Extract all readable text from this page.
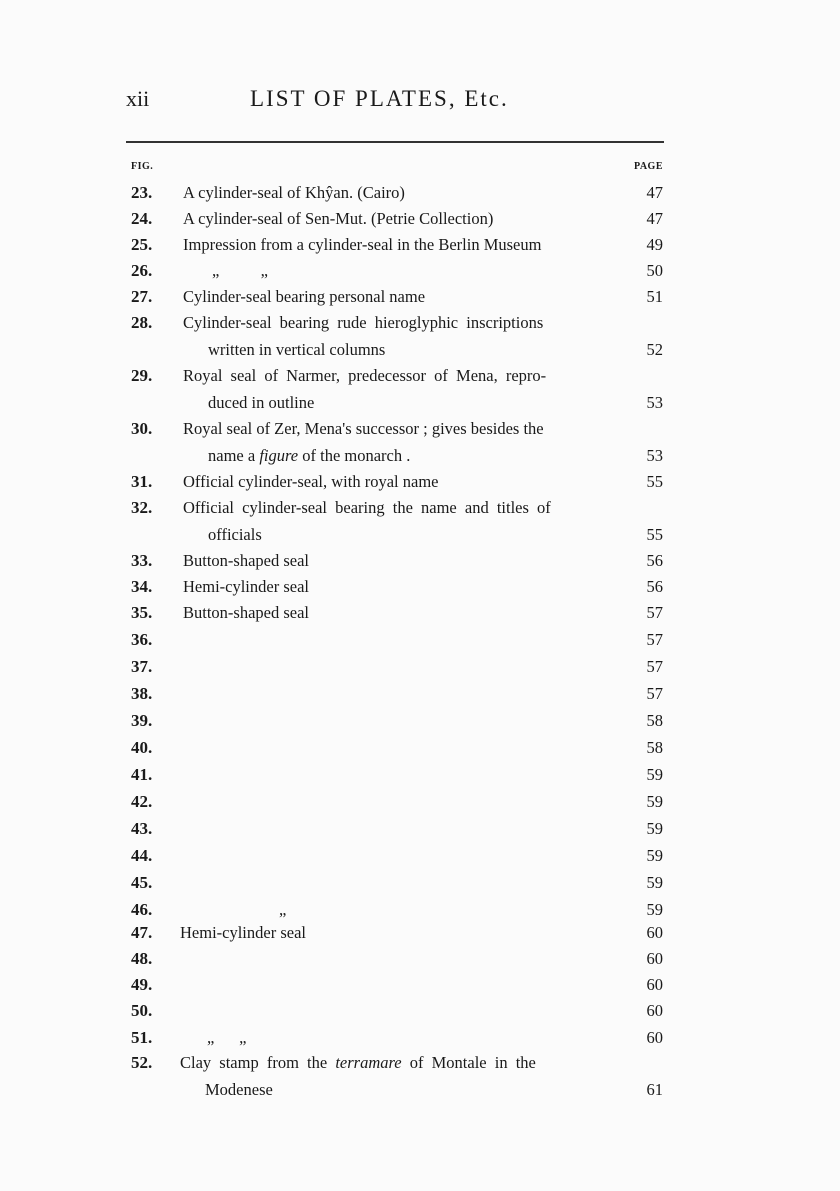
xii	LIST OF PLATES, Etc.
FIG.	PAGE
23. A cylinder-seal of Khŷan. (Cairo)	47
24. A cylinder-seal of Sen-Mut. (Petrie Collection)	47
25. Impression from a cylinder-seal in the Berlin Museum	49
26.	„          „	50
27. Cylinder-seal bearing personal name	51
28. Cylinder-seal bearing rude hieroglyphic inscriptions
written in vertical columns	52
29. Royal seal of Narmer, predecessor of Mena, repro-
duced in outline	53
30. Royal seal of Zer, Mena's successor ; gives besides the
name a figure of the monarch .	53
31. Official cylinder-seal, with royal name	55
32. Official cylinder-seal bearing the name and titles of
officials	55
33. Button-shaped seal	56
34. Hemi-cylinder seal	56
35. Button-shaped seal	57
36.	57
37.	57
38.	57
39.	58
40.	58
41.	59
42.	59
43.	59
44.	59
45.	59
46.	„	59
47. Hemi-cylinder seal	60
48.	60
49.	60
50.	60
51.	„      „	60
52. Clay stamp from the terramare of Montale in the
Modenese	61
